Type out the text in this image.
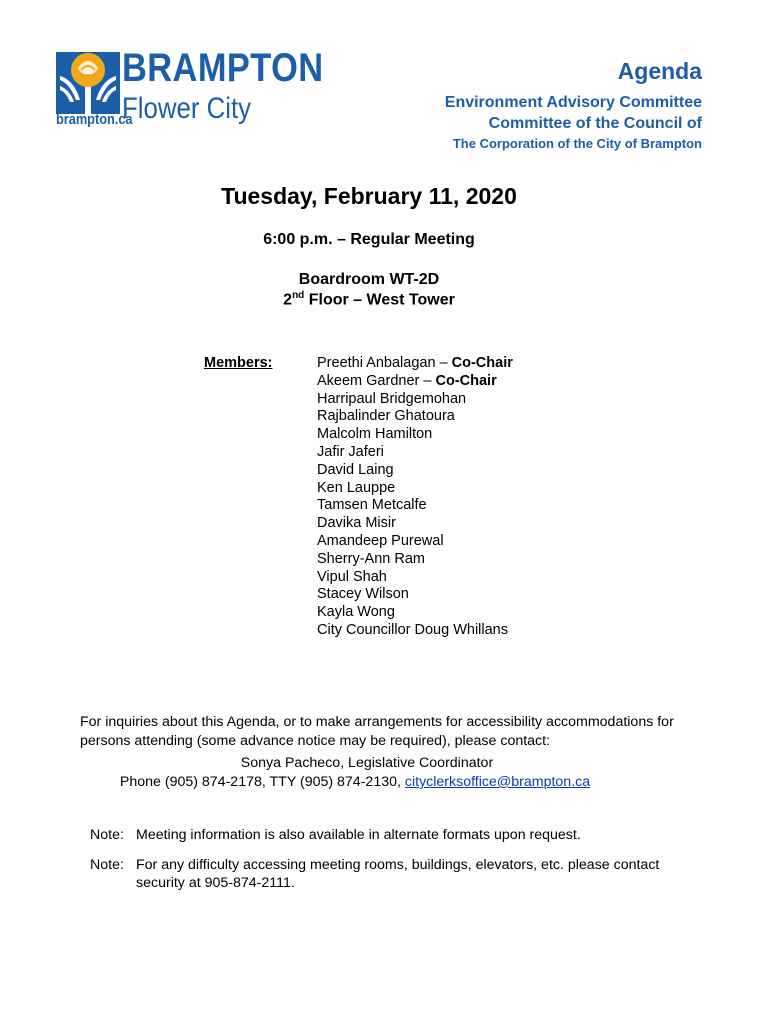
BRAMPTON
Flower City
brampton.ca
Agenda
Environment Advisory Committee
Committee of the Council of
The Corporation of the City of Brampton
Tuesday, February 11, 2020
6:00 p.m. – Regular Meeting
Boardroom WT-2D
2nd Floor – West Tower
Members:	Preethi Anbalagan – Co-Chair
Akeem Gardner – Co-Chair
Harripaul Bridgemohan
Rajbalinder Ghatoura
Malcolm Hamilton
Jafir Jaferi
David Laing
Ken Lauppe
Tamsen Metcalfe
Davika Misir
Amandeep Purewal
Sherry-Ann Ram
Vipul Shah
Stacey Wilson
Kayla Wong
City Councillor Doug Whillans
For inquiries about this Agenda, or to make arrangements for accessibility accommodations for persons attending (some advance notice may be required), please contact:
Sonya Pacheco, Legislative Coordinator
Phone (905) 874-2178, TTY (905) 874-2130, cityclerksoffice@brampton.ca
Note: Meeting information is also available in alternate formats upon request.
Note: For any difficulty accessing meeting rooms, buildings, elevators, etc. please contact security at 905-874-2111.
